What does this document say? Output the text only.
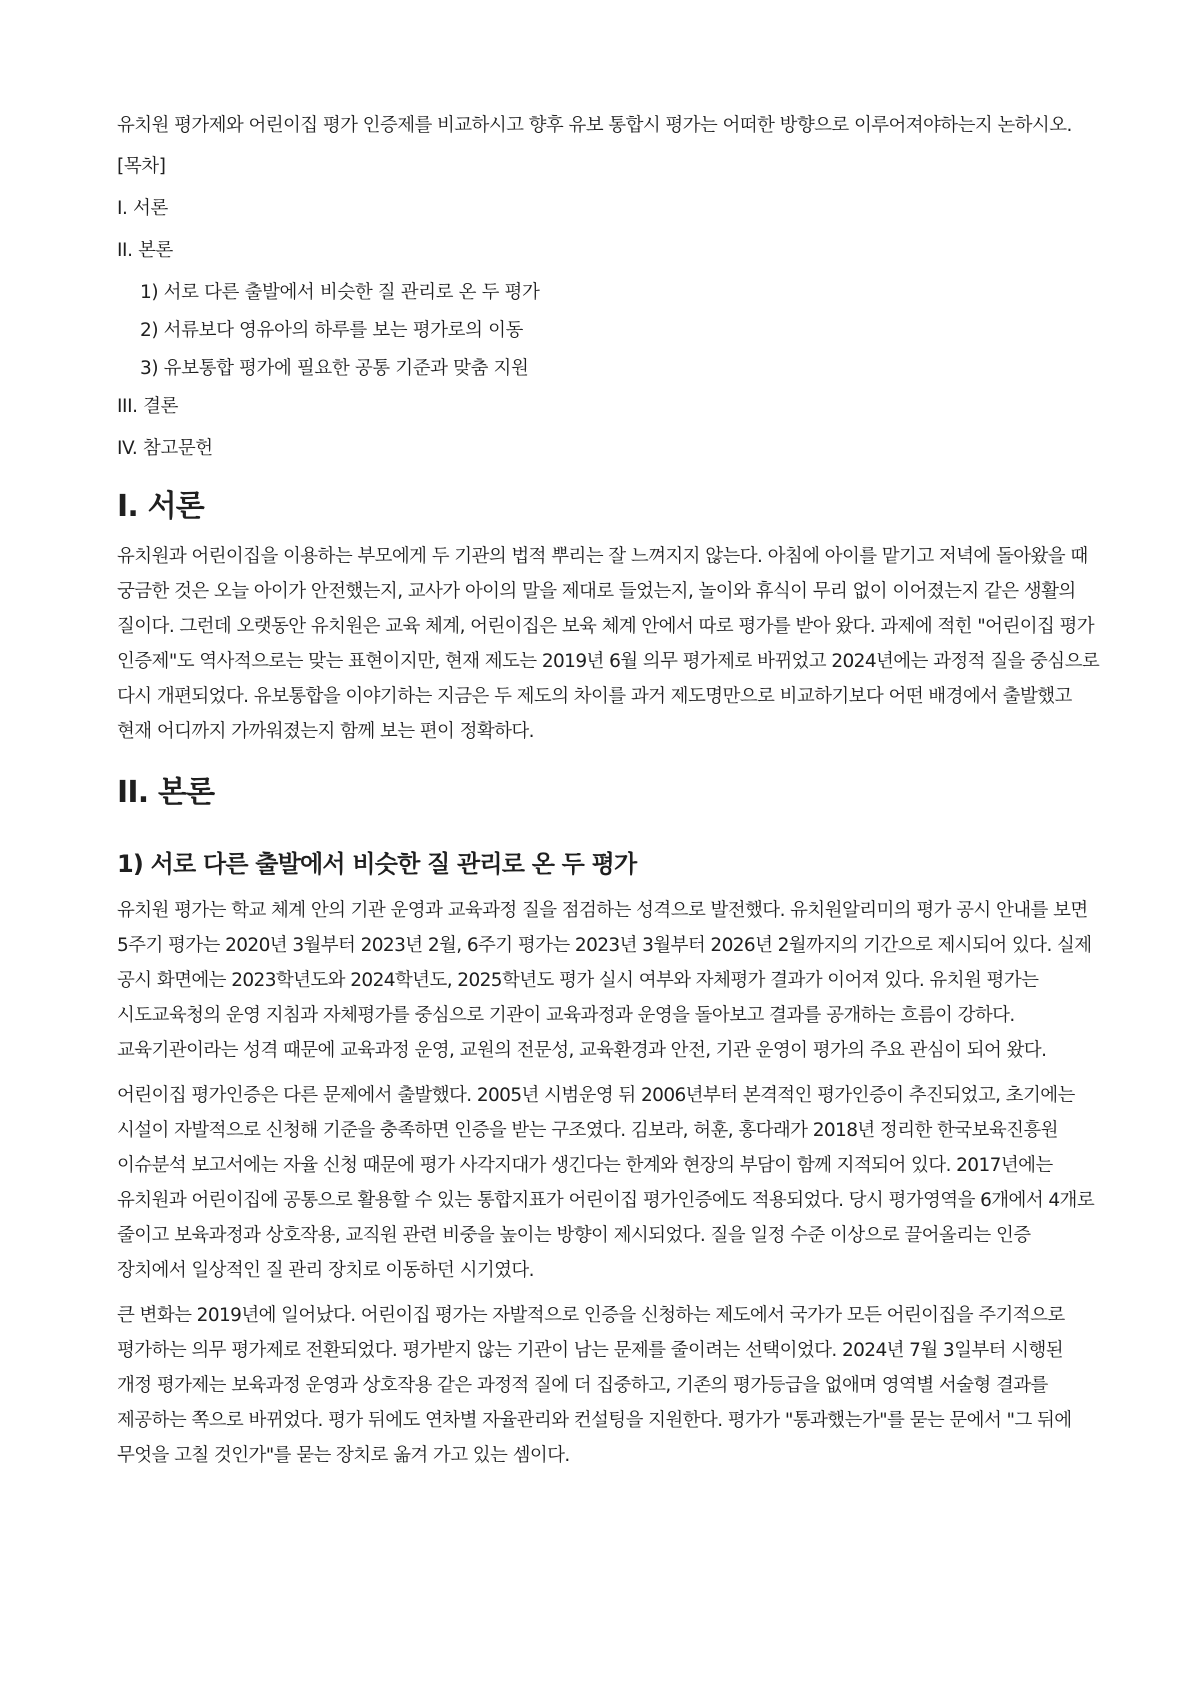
유치원 평가제와 어린이집 평가 인증제를 비교하시고 향후 유보 통합시 평가는 어떠한 방향으로 이루어져야하는지 논하시오.

[목차]
I. 서론
II. 본론
1) 서로 다른 출발에서 비슷한 질 관리로 온 두 평가
2) 서류보다 영유아의 하루를 보는 평가로의 이동
3) 유보통합 평가에 필요한 공통 기준과 맞춤 지원
III. 결론
IV. 참고문헌
I. 서론

유치원과 어린이집을 이용하는 부모에게 두 기관의 법적 뿌리는 잘 느껴지지 않는다. 아침에 아이를 맡기고 저녁에 돌아왔을 때 궁금한 것은 오늘 아이가 안전했는지, 교사가 아이의 말을 제대로 들었는지, 놀이와 휴식이 무리 없이 이어졌는지 같은 생활의 질이다. 그런데 오랫동안 유치원은 교육 체계, 어린이집은 보육 체계 안에서 따로 평가를 받아 왔다. 과제에 적힌 "어린이집 평가 인증제"도 역사적으로는 맞는 표현이지만, 현재 제도는 2019년 6월 의무 평가제로 바뀌었고 2024년에는 과정적 질을 중심으로 다시 개편되었다. 유보통합을 이야기하는 지금은 두 제도의 차이를 과거 제도명만으로 비교하기보다 어떤 배경에서 출발했고 현재 어디까지 가까워졌는지 함께 보는 편이 정확하다.

II. 본론
1) 서로 다른 출발에서 비슷한 질 관리로 온 두 평가

유치원 평가는 학교 체계 안의 기관 운영과 교육과정 질을 점검하는 성격으로 발전했다. 유치원알리미의 평가 공시 안내를 보면 5주기 평가는 2020년 3월부터 2023년 2월, 6주기 평가는 2023년 3월부터 2026년 2월까지의 기간으로 제시되어 있다. 실제 공시 화면에는 2023학년도와 2024학년도, 2025학년도 평가 실시 여부와 자체평가 결과가 이어져 있다. 유치원 평가는 시도교육청의 운영 지침과 자체평가를 중심으로 기관이 교육과정과 운영을 돌아보고 결과를 공개하는 흐름이 강하다. 교육기관이라는 성격 때문에 교육과정 운영, 교원의 전문성, 교육환경과 안전, 기관 운영이 평가의 주요 관심이 되어 왔다.

어린이집 평가인증은 다른 문제에서 출발했다. 2005년 시범운영 뒤 2006년부터 본격적인 평가인증이 추진되었고, 초기에는 시설이 자발적으로 신청해 기준을 충족하면 인증을 받는 구조였다. 김보라, 허훈, 홍다래가 2018년 정리한 한국보육진흥원 이슈분석 보고서에는 자율 신청 때문에 평가 사각지대가 생긴다는 한계와 현장의 부담이 함께 지적되어 있다. 2017년에는 유치원과 어린이집에 공통으로 활용할 수 있는 통합지표가 어린이집 평가인증에도 적용되었다. 당시 평가영역을 6개에서 4개로 줄이고 보육과정과 상호작용, 교직원 관련 비중을 높이는 방향이 제시되었다. 질을 일정 수준 이상으로 끌어올리는 인증 장치에서 일상적인 질 관리 장치로 이동하던 시기였다.

큰 변화는 2019년에 일어났다. 어린이집 평가는 자발적으로 인증을 신청하는 제도에서 국가가 모든 어린이집을 주기적으로 평가하는 의무 평가제로 전환되었다. 평가받지 않는 기관이 남는 문제를 줄이려는 선택이었다. 2024년 7월 3일부터 시행된 개정 평가제는 보육과정 운영과 상호작용 같은 과정적 질에 더 집중하고, 기존의 평가등급을 없애며 영역별 서술형 결과를 제공하는 쪽으로 바뀌었다. 평가 뒤에도 연차별 자율관리와 컨설팅을 지원한다. 평가가 "통과했는가"를 묻는 문에서 "그 뒤에 무엇을 고칠 것인가"를 묻는 장치로 옮겨 가고 있는 셈이다.
